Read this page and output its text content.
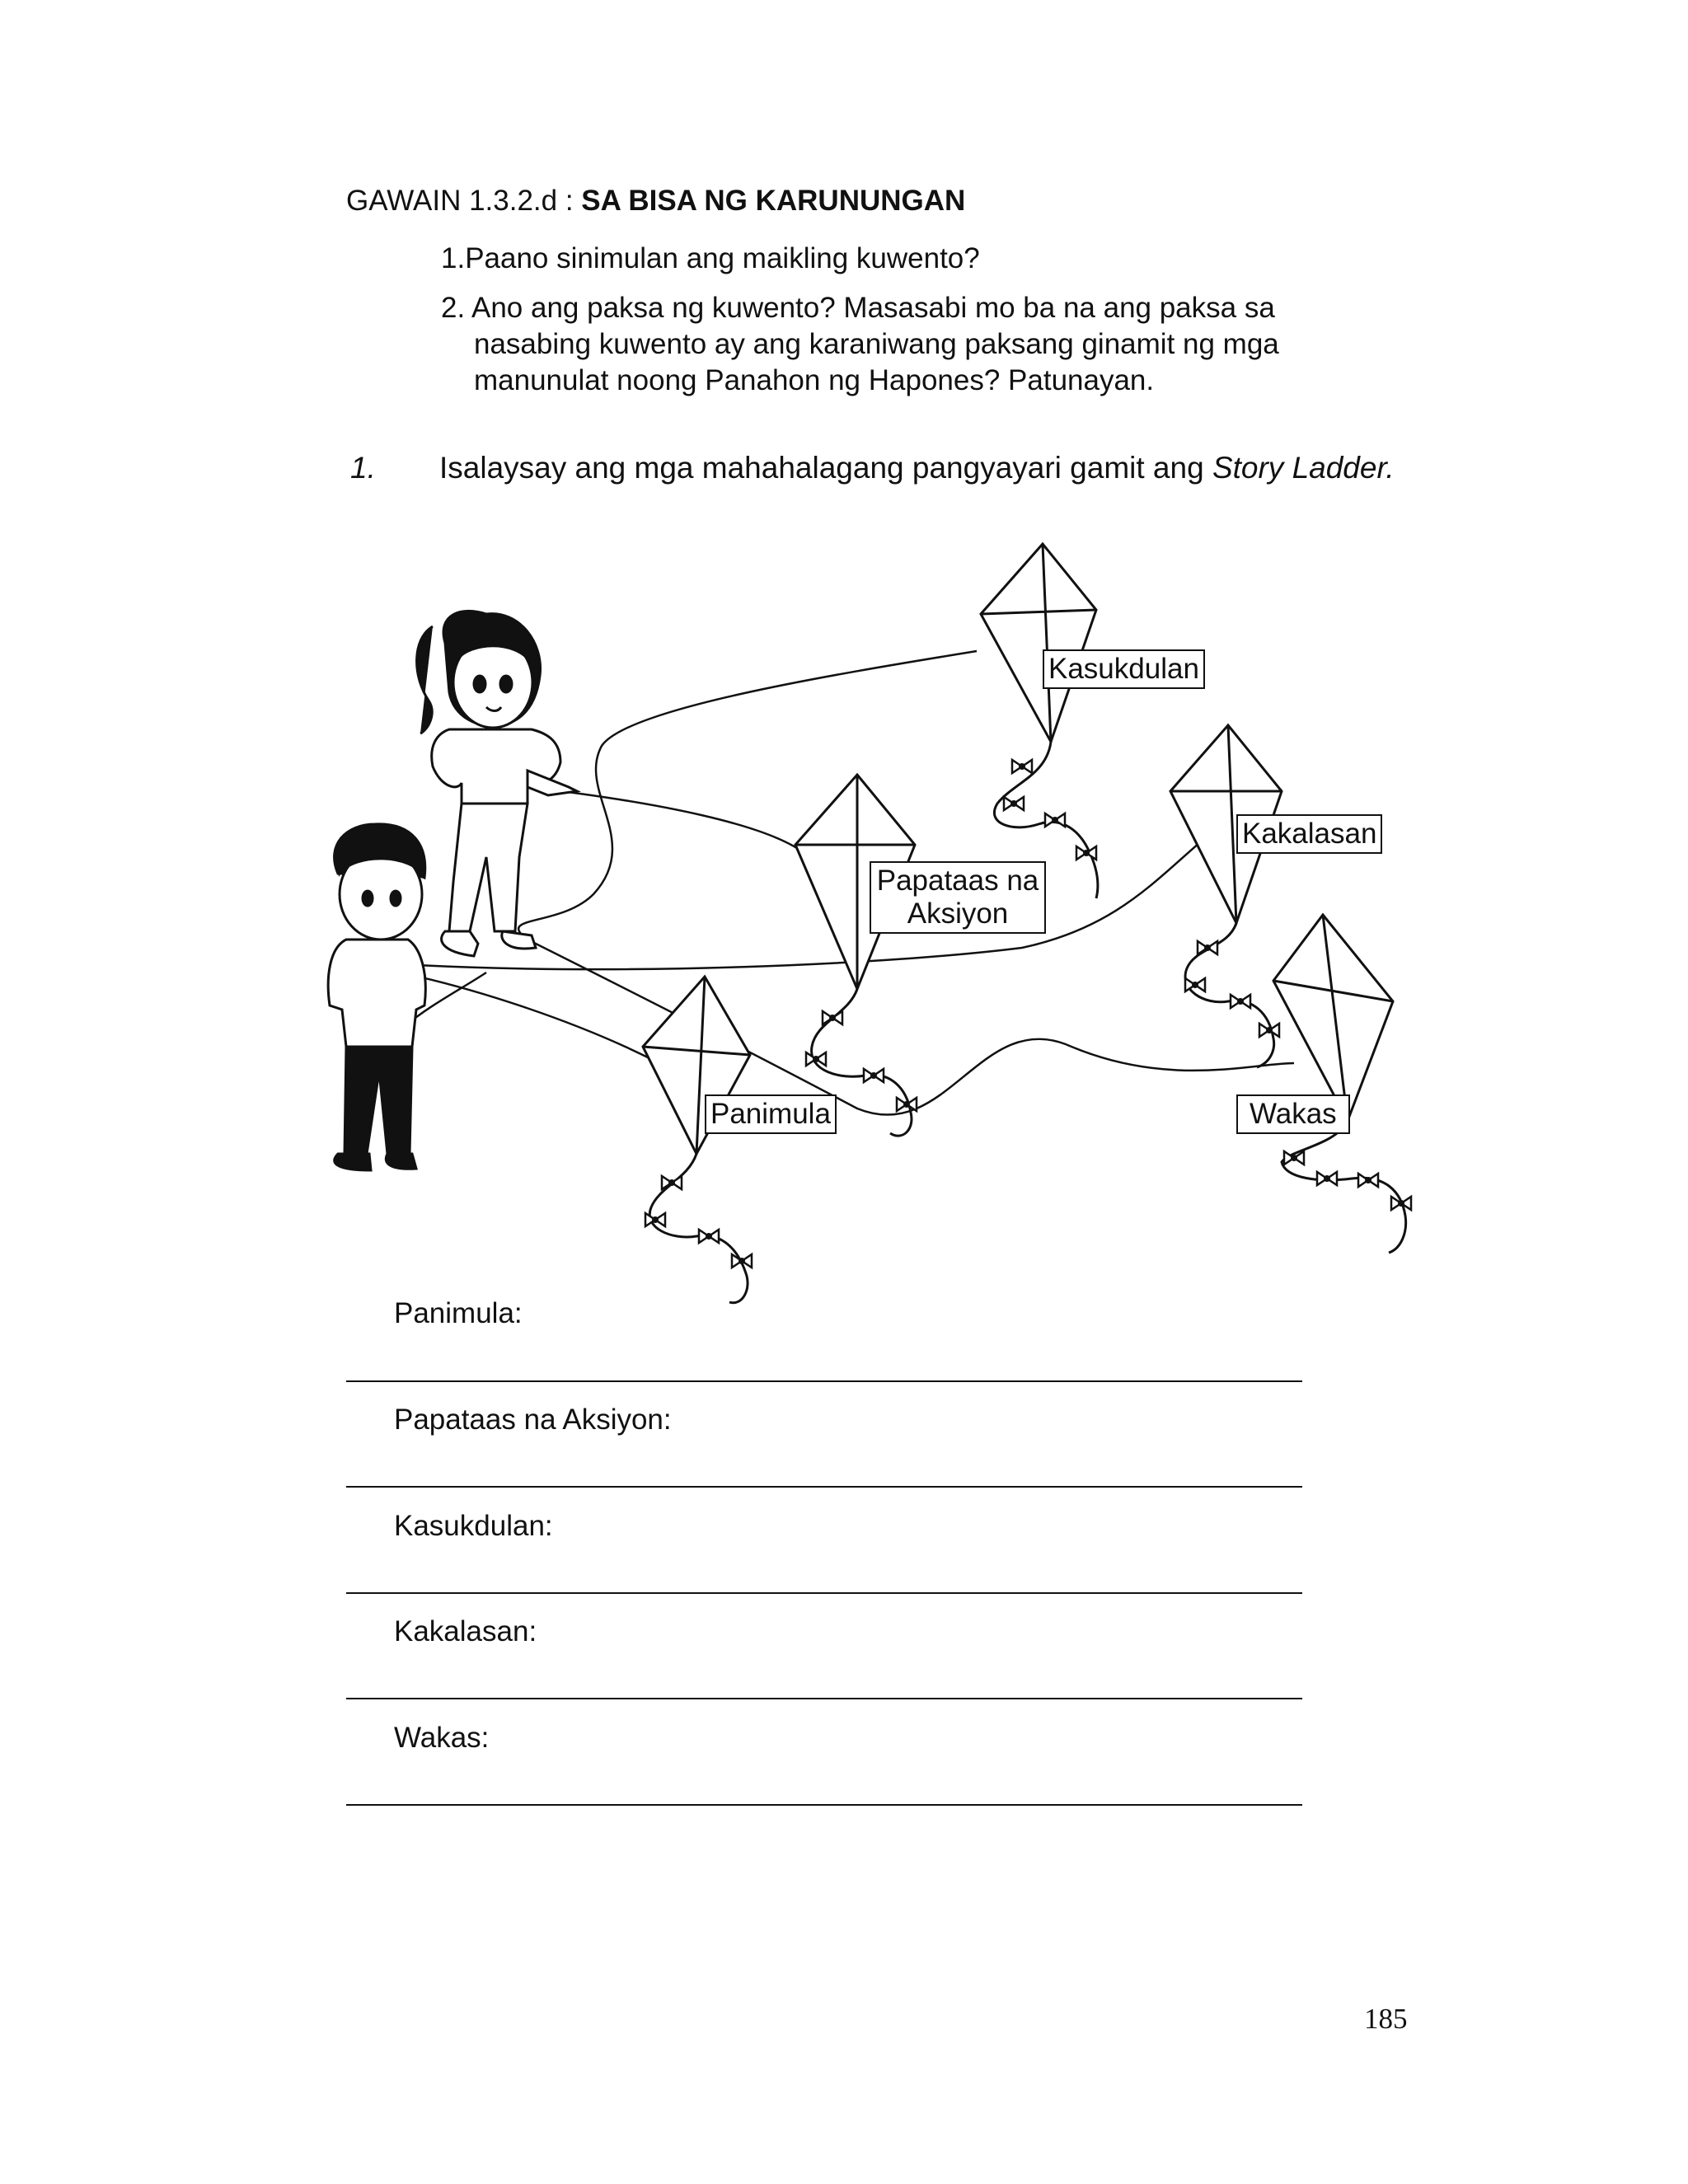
GAWAIN 1.3.2.d : SA BISA NG KARUNUNGAN
1.Paano sinimulan ang maikling kuwento?
2. Ano ang paksa ng kuwento? Masasabi mo ba na ang paksa sa
nasabing kuwento ay ang karaniwang paksang ginamit ng mga
manunulat noong Panahon ng Hapones? Patunayan.
1. Isalaysay ang mga mahahalagang pangyayari gamit ang Story Ladder.
Kasukdulan
Kakalasan
Papataas na
Aksiyon
Panimula	Wakas
Panimula:
Papataas na Aksiyon:
Kasukdulan:
Kakalasan:
Wakas:
185
